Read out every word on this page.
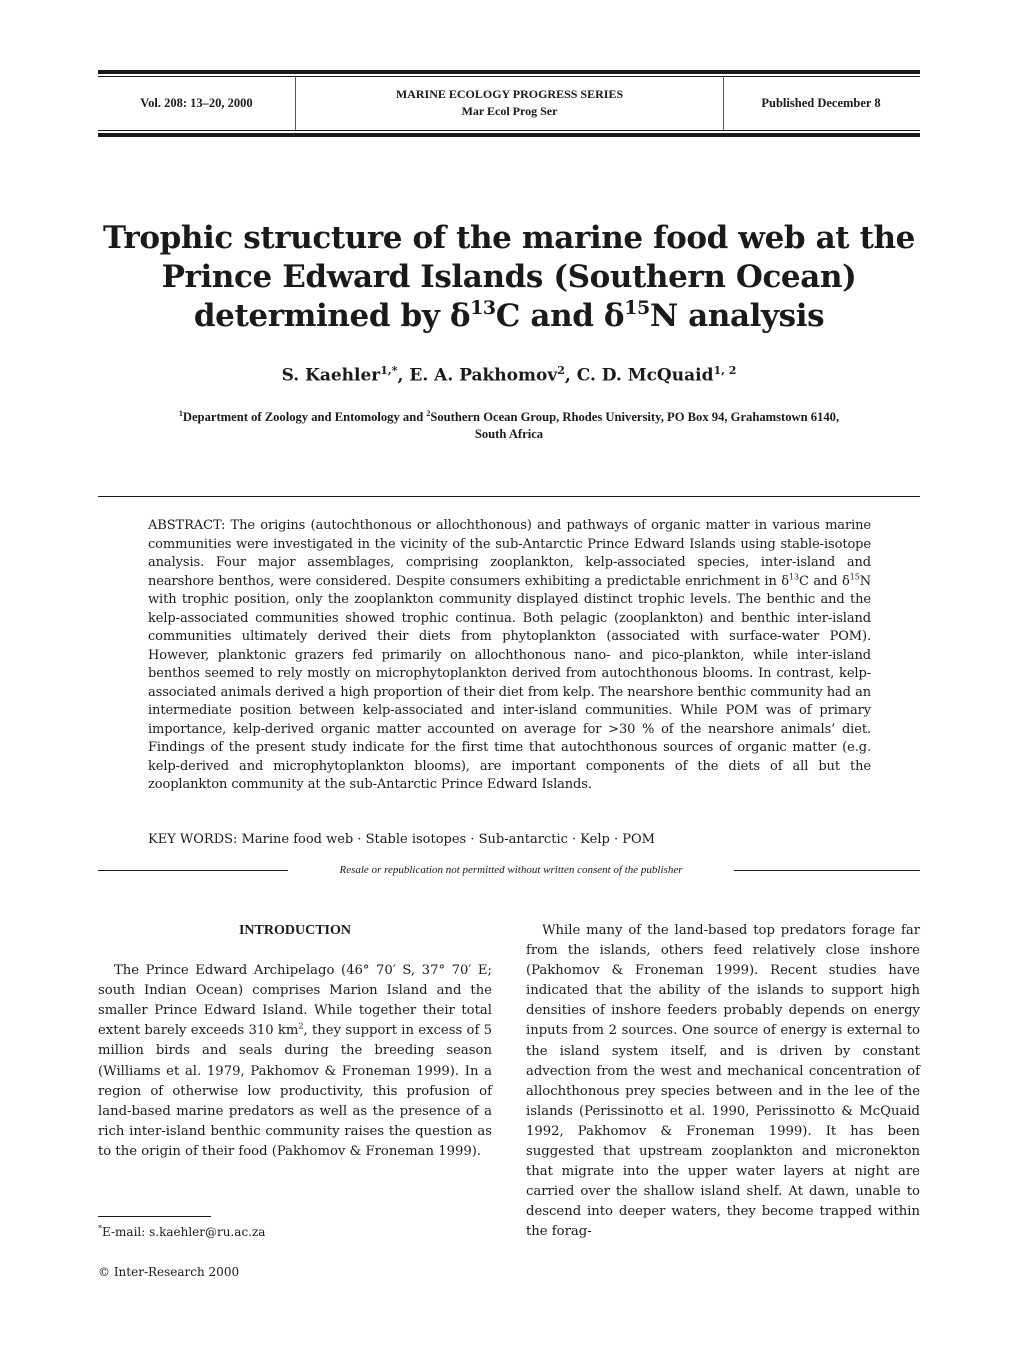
Vol. 208: 13–20, 2000
MARINE ECOLOGY PROGRESS SERIES
Mar Ecol Prog Ser
Published December 8
Trophic structure of the marine food web at the
Prince Edward Islands (Southern Ocean)
determined by $\delta^{13}C$ and $\delta^{15}N$ analysis
S. Kaehler$^{1,*}$, E. A. Pakhomov$^2$, C. D. McQuaid$^{1, 2}$
$^1$Department of Zoology and Entomology and $^2$Southern Ocean Group, Rhodes University, PO Box 94, Grahamstown 6140,
South Africa
ABSTRACT: The origins (autochthonous or allochthonous) and pathways of organic matter in various marine communities were investigated in the vicinity of the sub-Antarctic Prince Edward Islands using stable-isotope analysis. Four major assemblages, comprising zooplankton, kelp-associated species, inter-island and nearshore benthos, were considered. Despite consumers exhibiting a predictable enrichment in $\delta^{13}C$ and $\delta^{15}N$ with trophic position, only the zooplankton community displayed distinct trophic levels. The benthic and the kelp-associated communities showed trophic continua. Both pelagic (zooplankton) and benthic inter-island communities ultimately derived their diets from phytoplankton (associated with surface-water POM). However, planktonic grazers fed primarily on allochthonous nano- and pico-plankton, while inter-island benthos seemed to rely mostly on microphytoplankton derived from autochthonous blooms. In contrast, kelp-associated animals derived a high proportion of their diet from kelp. The nearshore benthic community had an intermediate position between kelp-associated and inter-island communities. While POM was of primary importance, kelp-derived organic matter accounted on average for >30 % of the nearshore animals’ diet. Findings of the present study indicate for the first time that autochthonous sources of organic matter (e.g. kelp-derived and microphytoplankton blooms), are important components of the diets of all but the zooplankton community at the sub-Antarctic Prince Edward Islands.
KEY WORDS: Marine food web · Stable isotopes · Sub-antarctic · Kelp · POM
Resale or republication not permitted without written consent of the publisher

INTRODUCTION

The Prince Edward Archipelago (46° 70′ S, 37° 70′ E; south Indian Ocean) comprises Marion Island and the smaller Prince Edward Island. While together their total extent barely exceeds 310 $km^2$, they support in excess of 5 million birds and seals during the breeding season (Williams et al. 1979, Pakhomov & Froneman 1999). In a region of otherwise low productivity, this profusion of land-based marine predators as well as the presence of a rich inter-island benthic community raises the question as to the origin of their food (Pakhomov & Froneman 1999).

While many of the land-based top predators forage far from the islands, others feed relatively close inshore (Pakhomov & Froneman 1999). Recent studies have indicated that the ability of the islands to support high densities of inshore feeders probably depends on energy inputs from 2 sources. One source of energy is external to the island system itself, and is driven by constant advection from the west and mechanical concentration of allochthonous prey species between and in the lee of the islands (Perissinotto et al. 1990, Perissinotto & McQuaid 1992, Pakhomov & Froneman 1999). It has been suggested that upstream zooplankton and micronekton that migrate into the upper water layers at night are carried over the shallow island shelf. At dawn, unable to descend into deeper waters, they become trapped within the forag-

*E-mail: s.kaehler@ru.ac.za
© Inter-Research 2000
